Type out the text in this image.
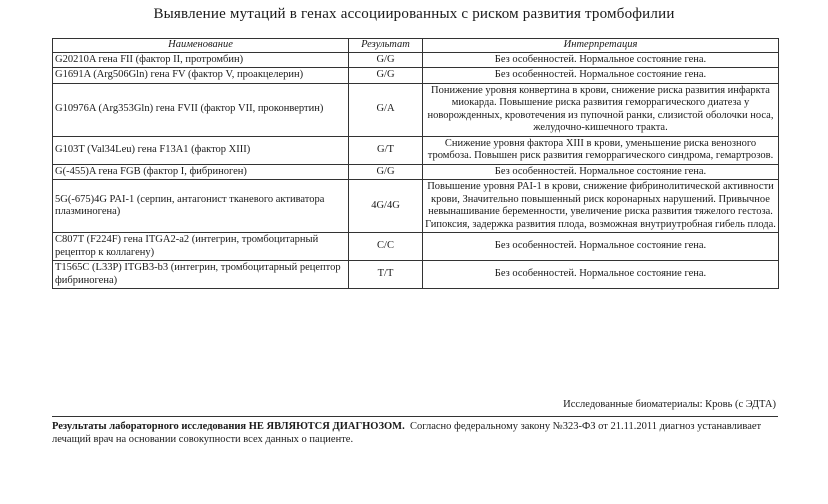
Выявление мутаций в генах ассоциированных с риском развития тромбофилии
Наименование	Результат	Интерпретация
G20210A гена FII (фактор II, протромбин)	G/G	Без особенностей. Нормальное состояние гена.
G1691A (Arg506Gln) гена FV (фактор V, проакцелерин)	G/G	Без особенностей. Нормальное состояние гена.
G10976A (Arg353Gln) гена FVII (фактор VII, проконвертин)	G/A	Понижение уровня конвертина в крови, снижение риска развития инфаркта миокарда. Повышение риска развития геморрагического диатеза у новорожденных, кровотечения из пупочной ранки, слизистой оболочки носа, желудочно-кишечного тракта.
G103T (Val34Leu) гена F13A1 (фактор XIII)	G/T	Снижение уровня фактора XIII в крови, уменьшение риска венозного тромбоза. Повышен риск развития геморрагического синдрома, гемартрозов.
G(-455)A гена FGB (фактор I, фибриноген)	G/G	Без особенностей. Нормальное состояние гена.
5G(-675)4G PAI-1 (серпин, антагонист тканевого активатора плазминогена)	4G/4G	Повышение уровня PAI-1 в крови, снижение фибринолитической активности крови, Значительно повышенный риск коронарных нарушений. Привычное невынашивание беременности, увеличение риска развития тяжелого гестоза. Гипоксия, задержка развития плода, возможная внутриутробная гибель плода.
C807T (F224F) гена ITGA2-a2 (интегрин, тромбоцитарный рецептор к коллагену)	C/C	Без особенностей. Нормальное состояние гена.
T1565C (L33P) ITGB3-b3 (интегрин, тромбоцитарный рецептор фибриногена)	T/T	Без особенностей. Нормальное состояние гена.
Исследованные биоматериалы: Кровь (с ЭДТА)
Результаты лабораторного исследования НЕ ЯВЛЯЮТСЯ ДИАГНОЗОМ. Согласно федеральному закону №323-ФЗ от 21.11.2011 диагноз устанавливает лечащий врач на основании совокупности всех данных о пациенте.
